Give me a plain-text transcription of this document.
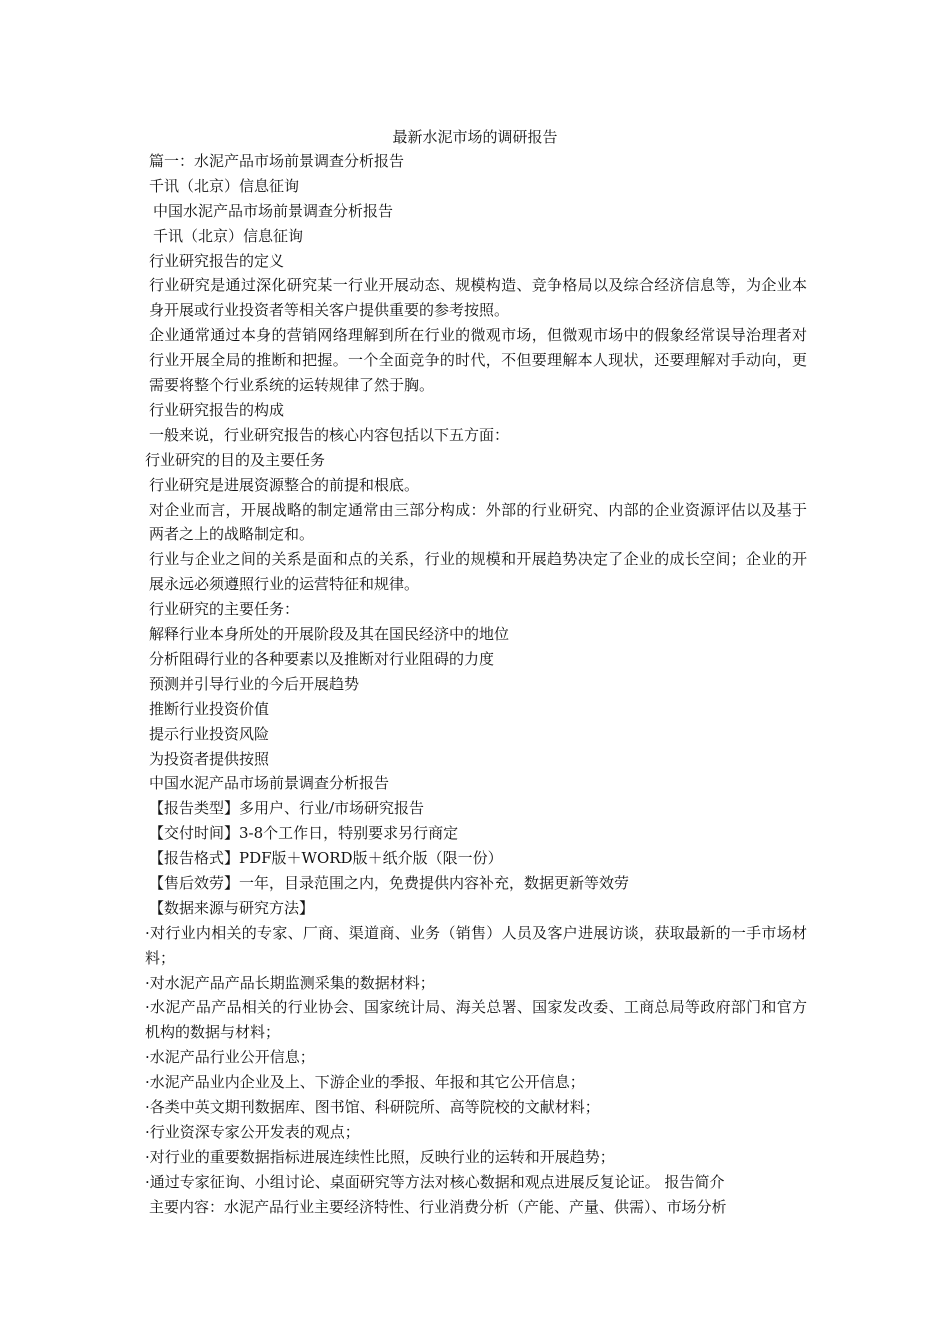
最新水泥市场的调研报告
篇一：水泥产品市场前景调查分析报告
千讯（北京）信息征询
中国水泥产品市场前景调查分析报告
千讯（北京）信息征询
行业研究报告的定义
行业研究是通过深化研究某一行业开展动态、规模构造、竞争格局以及综合经济信息等，为企业本身开展或行业投资者等相关客户提供重要的参考按照。
企业通常通过本身的营销网络理解到所在行业的微观市场，但微观市场中的假象经常误导治理者对行业开展全局的推断和把握。一个全面竞争的时代，不但要理解本人现状，还要理解对手动向，更需要将整个行业系统的运转规律了然于胸。
行业研究报告的构成
一般来说，行业研究报告的核心内容包括以下五方面：
行业研究的目的及主要任务
行业研究是进展资源整合的前提和根底。
对企业而言，开展战略的制定通常由三部分构成：外部的行业研究、内部的企业资源评估以及基于两者之上的战略制定和。
行业与企业之间的关系是面和点的关系，行业的规模和开展趋势决定了企业的成长空间；企业的开展永远必须遵照行业的运营特征和规律。
行业研究的主要任务：
解释行业本身所处的开展阶段及其在国民经济中的地位
分析阻碍行业的各种要素以及推断对行业阻碍的力度
预测并引导行业的今后开展趋势
推断行业投资价值
提示行业投资风险
为投资者提供按照
中国水泥产品市场前景调查分析报告
【报告类型】多用户、行业/市场研究报告
【交付时间】3-8个工作日，特别要求另行商定
【报告格式】PDF版＋WORD版＋纸介版（限一份）
【售后效劳】一年，目录范围之内，免费提供内容补充，数据更新等效劳
【数据来源与研究方法】
·对行业内相关的专家、厂商、渠道商、业务（销售）人员及客户进展访谈，获取最新的一手市场材料；
·对水泥产品产品长期监测采集的数据材料；
·水泥产品产品相关的行业协会、国家统计局、海关总署、国家发改委、工商总局等政府部门和官方机构的数据与材料；
·水泥产品行业公开信息；
·水泥产品业内企业及上、下游企业的季报、年报和其它公开信息；
·各类中英文期刊数据库、图书馆、科研院所、高等院校的文献材料；
·行业资深专家公开发表的观点；
·对行业的重要数据指标进展连续性比照，反映行业的运转和开展趋势；
·通过专家征询、小组讨论、桌面研究等方法对核心数据和观点进展反复论证。 报告简介
主要内容：水泥产品行业主要经济特性、行业消费分析（产能、产量、供需）、市场分析
